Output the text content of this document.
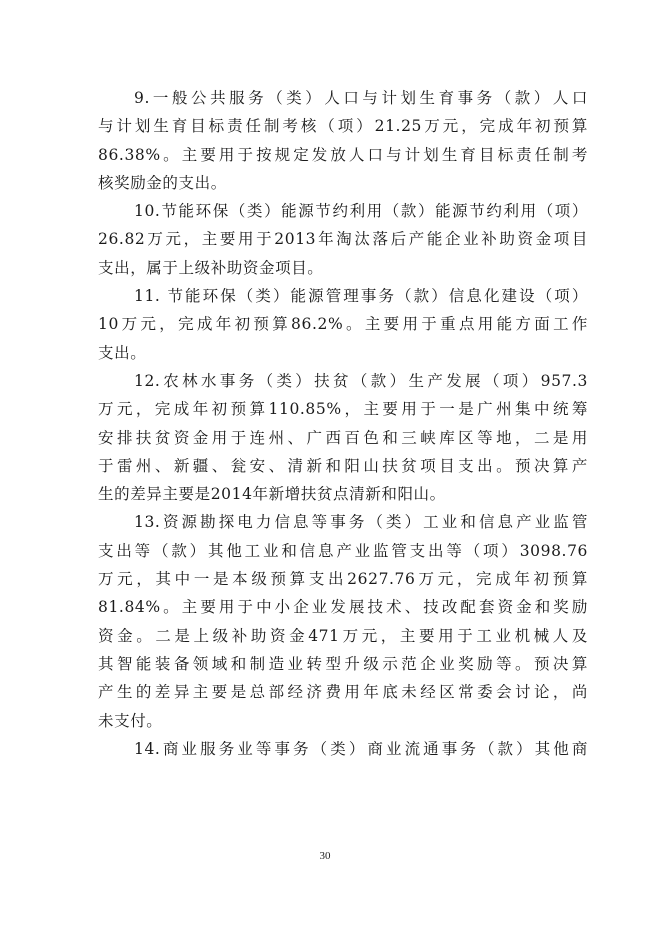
9.一般公共服务（类）人口与计划生育事务（款）人口
与计划生育目标责任制考核（项）21.25万元，完成年初预算
86.38%。主要用于按规定发放人口与计划生育目标责任制考
核奖励金的支出。

10.节能环保（类）能源节约利用（款）能源节约利用（项）
26.82万元，主要用于2013年淘汰落后产能企业补助资金项目
支出，属于上级补助资金项目。

11. 节能环保（类）能源管理事务（款）信息化建设（项）
10万元，完成年初预算86.2%。主要用于重点用能方面工作
支出。

12.农林水事务（类）扶贫（款）生产发展（项）957.3
万元，完成年初预算110.85%，主要用于一是广州集中统筹
安排扶贫资金用于连州、广西百色和三峡库区等地，二是用
于雷州、新疆、瓮安、清新和阳山扶贫项目支出。预决算产
生的差异主要是2014年新增扶贫点清新和阳山。

13.资源勘探电力信息等事务（类）工业和信息产业监管
支出等（款）其他工业和信息产业监管支出等（项）3098.76
万元，其中一是本级预算支出2627.76万元，完成年初预算
81.84%。主要用于中小企业发展技术、技改配套资金和奖励
资金。二是上级补助资金471万元，主要用于工业机械人及
其智能装备领域和制造业转型升级示范企业奖励等。预决算
产生的差异主要是总部经济费用年底未经区常委会讨论，尚
未支付。

14.商业服务业等事务（类）商业流通事务（款）其他商

30
